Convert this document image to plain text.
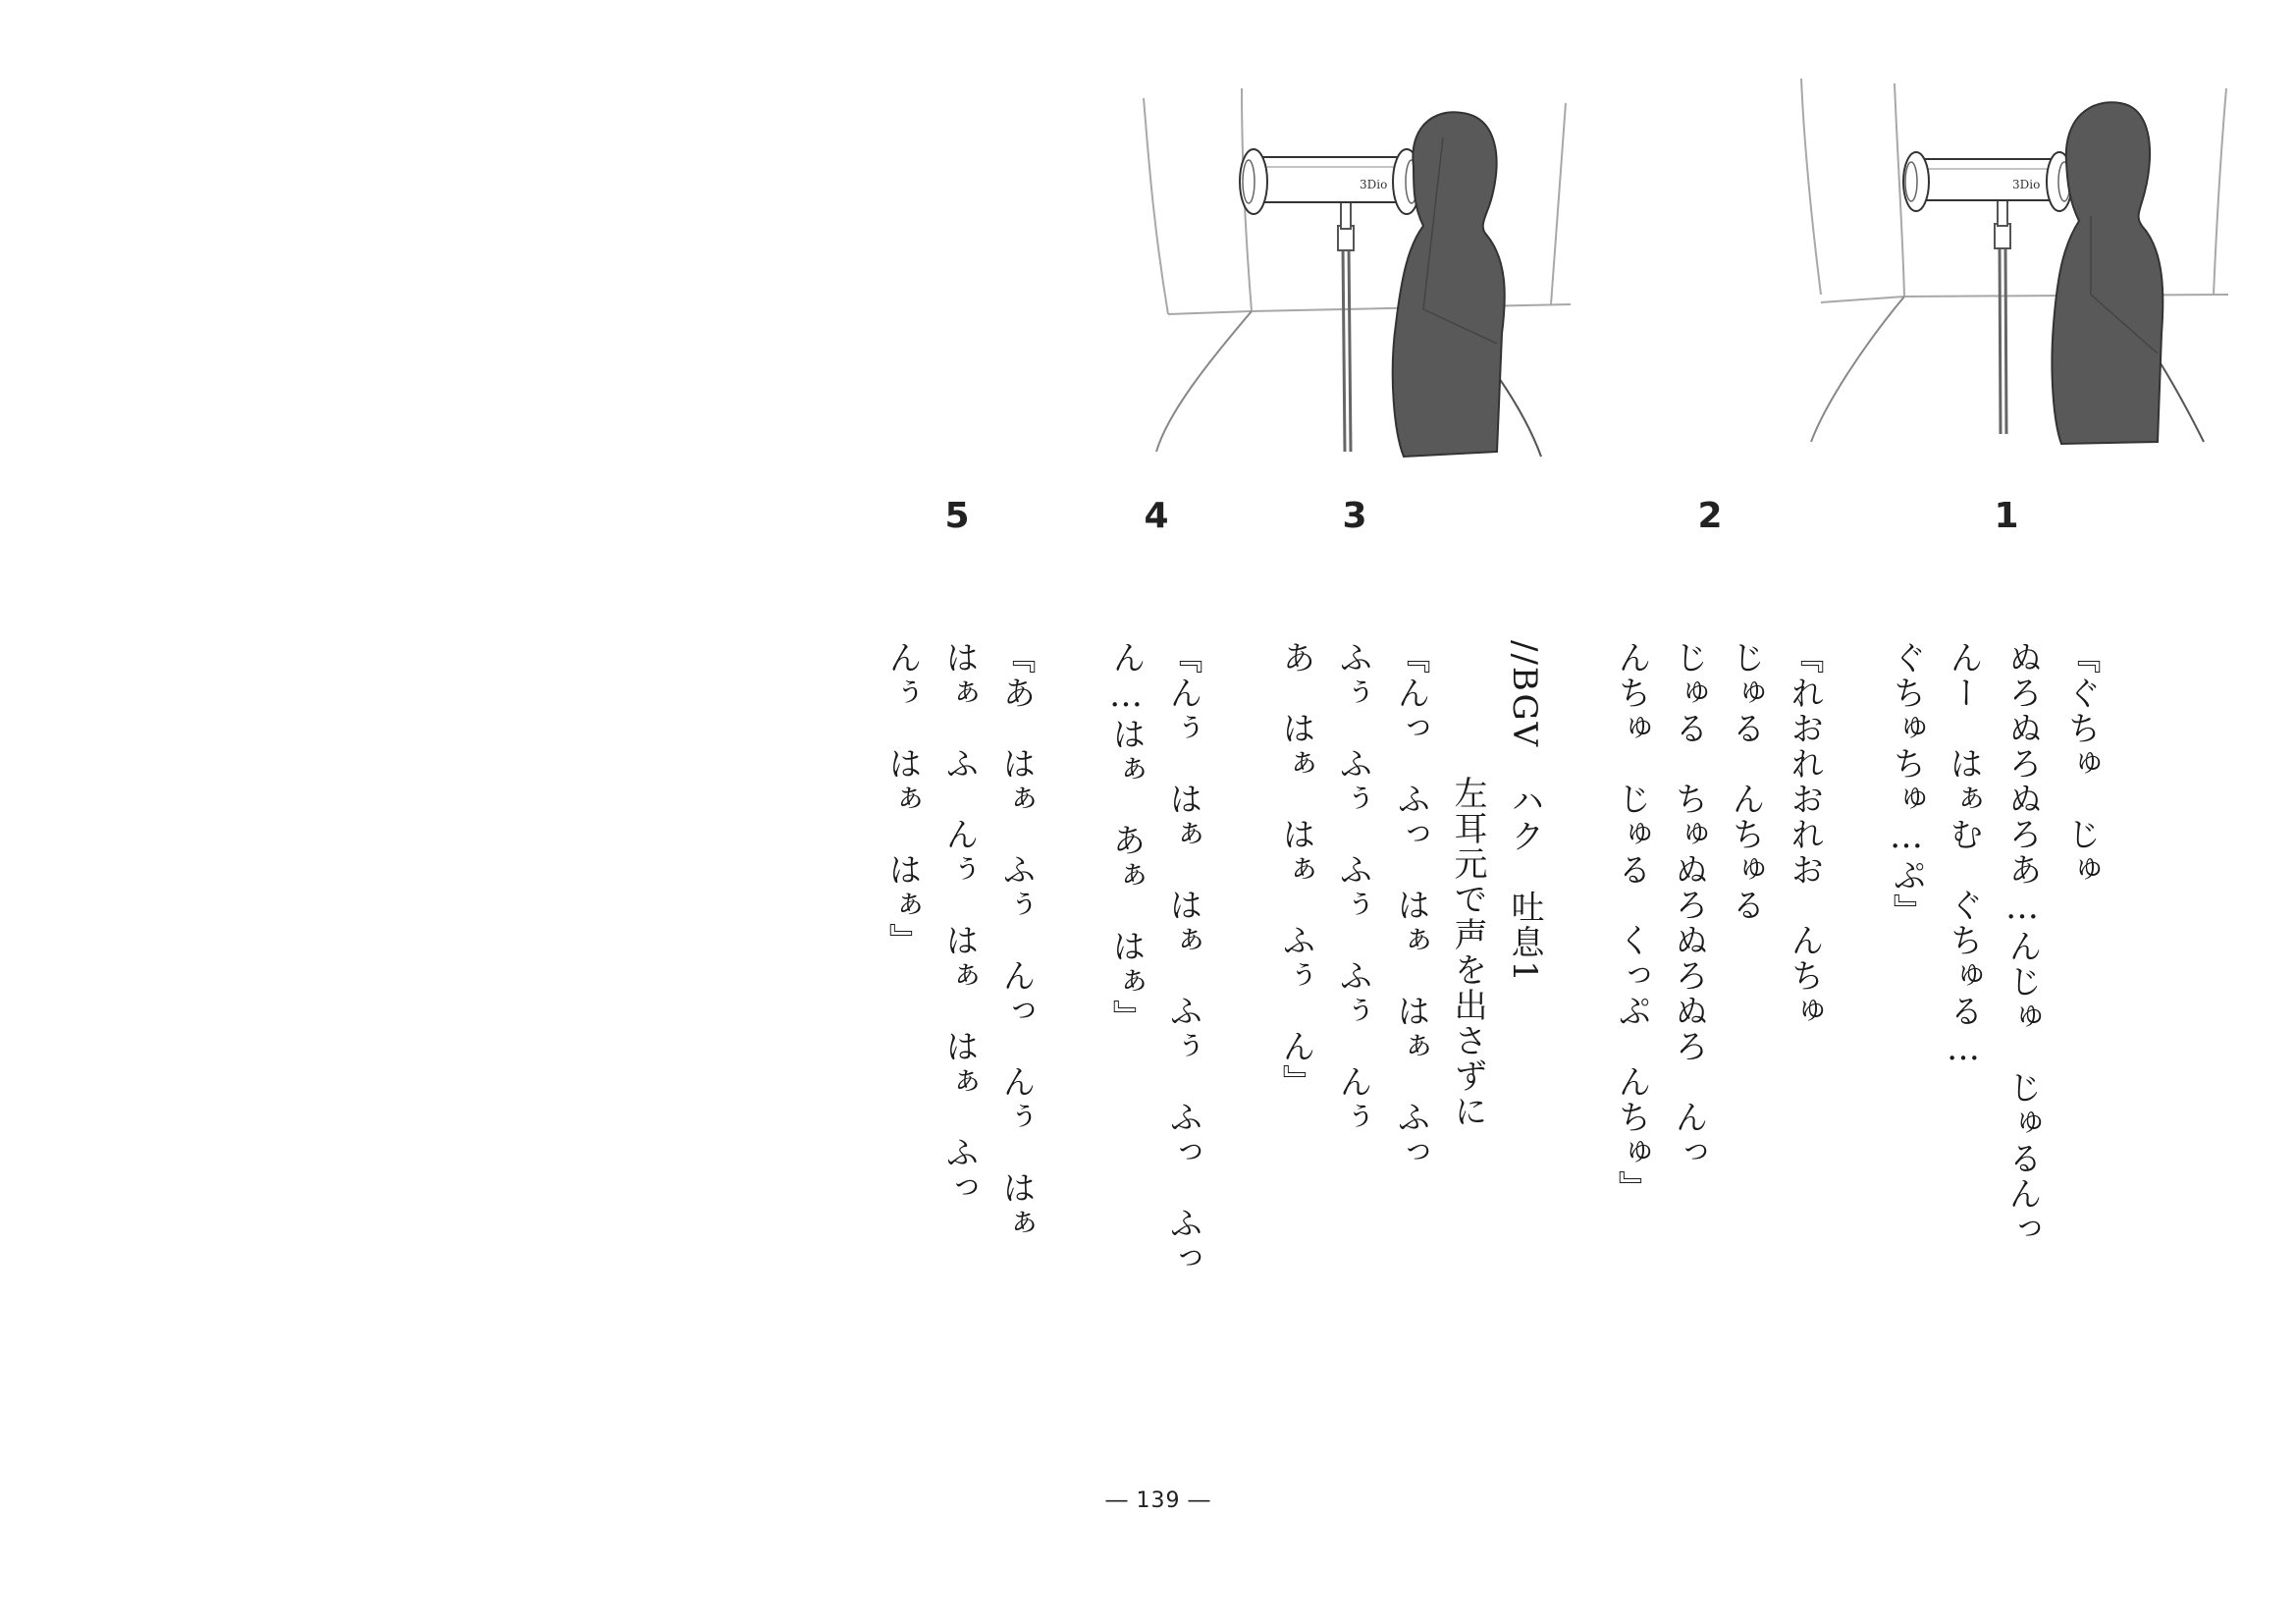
3Dio	3Dio
1
2
3
4
5
『ぐちゅ　じゅ
ぬろぬろぬろあ…んじゅ　じゅるんっ
んー　はぁむ　ぐちゅる…
ぐちゅちゅ…ぷ』
『れおれおれお　んちゅ
じゅる　んちゅる
じゅる　ちゅぬろぬろぬろ　んっ
んちゅ　じゅる　くっぷ　んちゅ』
//BGV　ハク　吐息1
左耳元で声を出さずに
『んっ　ふっ　はぁ　はぁ　ふっ
ふぅ　ふぅ　ふぅ　ふぅ　んぅ
あ　はぁ　はぁ　ふぅ　ん』
『んぅ　はぁ　はぁ　ふぅ　ふっ　ふっ
ん…はぁ　あぁ　はぁ』
『あ　はぁ　ふぅ　んっ　んぅ　はぁ
はぁ　ふ　んぅ　はぁ　はぁ　ふっ
んぅ　はぁ　はぁ』
― 139 ―
